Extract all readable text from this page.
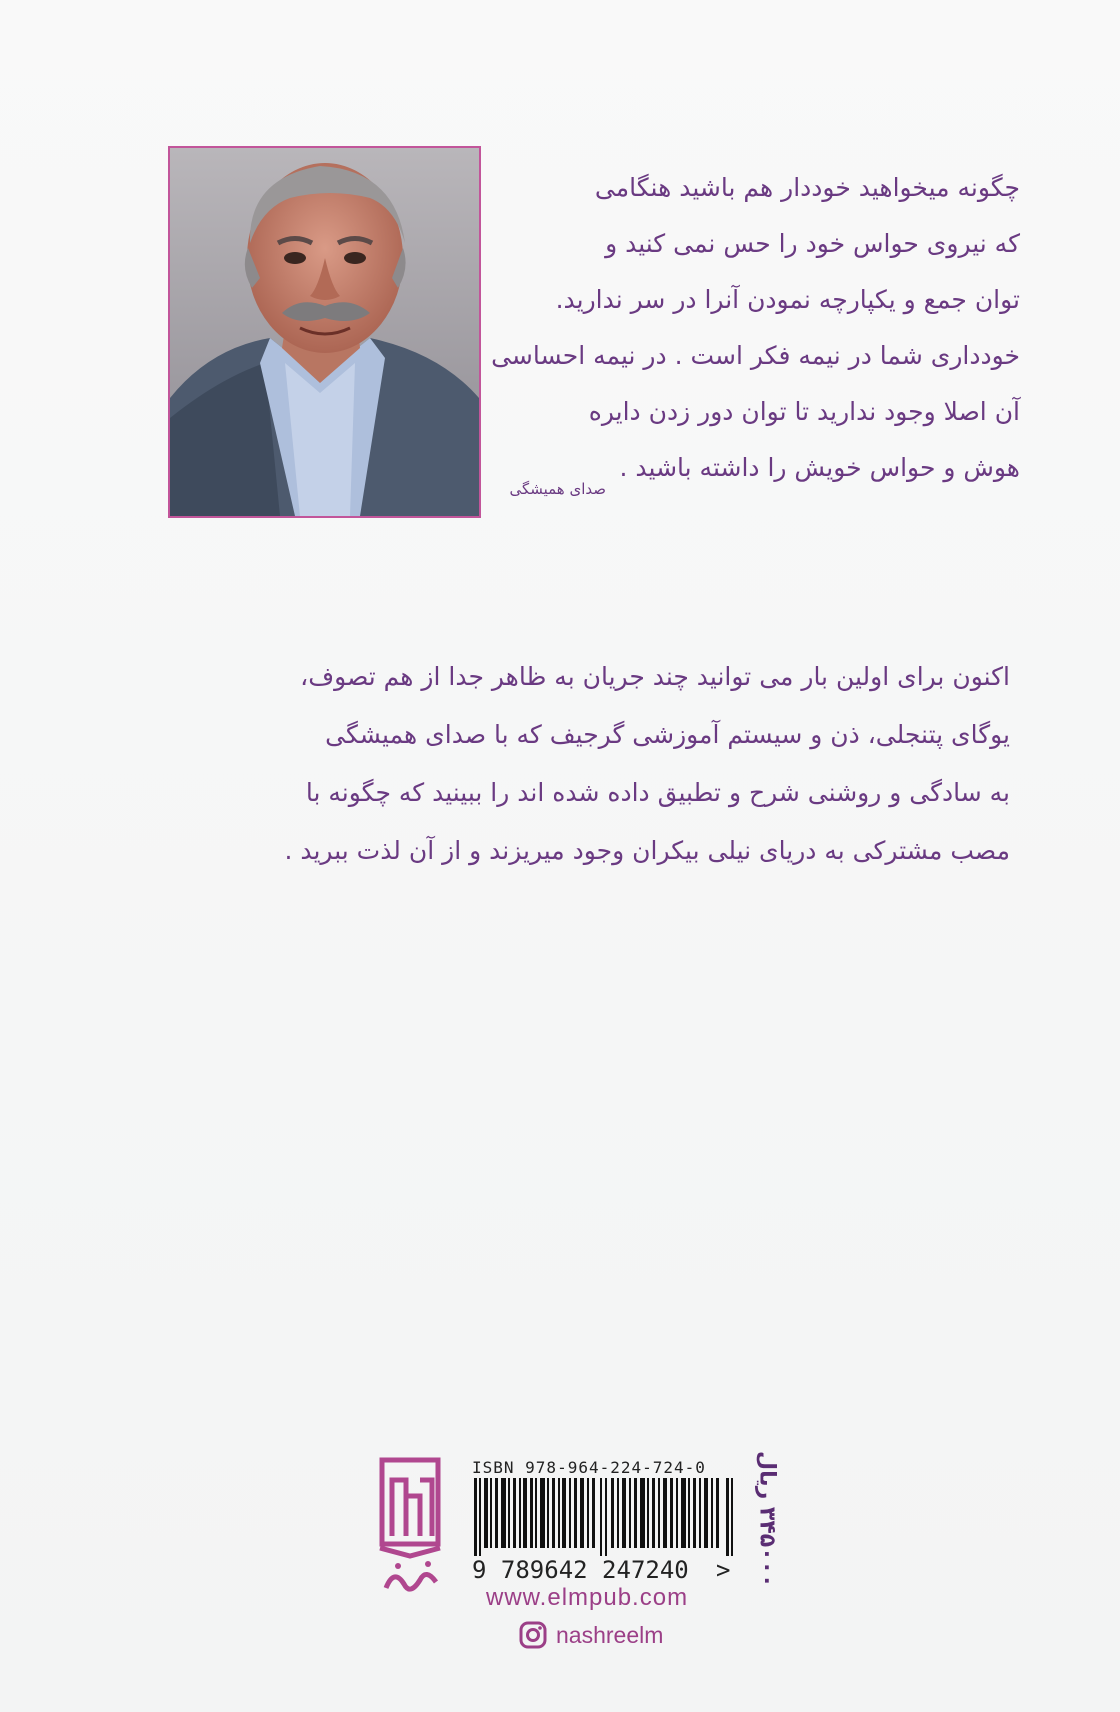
چگونه میخواهید خوددار هم باشید هنگامی
که نیروی حواس خود را حس نمی کنید و
توان جمع و یکپارچه نمودن آنرا در سر ندارید.
خودداری شما در نیمه فکر است . در نیمه احساسی
آن اصلا وجود ندارید تا توان دور زدن دایره
هوش و حواس خویش را داشته باشید .
صدای همیشگی
اکنون برای اولین بار می توانید چند جریان به ظاهر جدا از هم تصوف،
یوگای پتنجلی، ذن و سیستم آموزشی گرجیف که با صدای همیشگی
به سادگی و روشنی شرح و تطبیق داده شده اند را ببینید که چگونه با
مصب مشترکی به دریای نیلی بیکران وجود میریزند و از آن لذت ببرید .
ISBN 978-964-224-724-0
9 789642 247240 >
۳۴۵۰۰۰ ریال
www.elmpub.com
nashreelm
